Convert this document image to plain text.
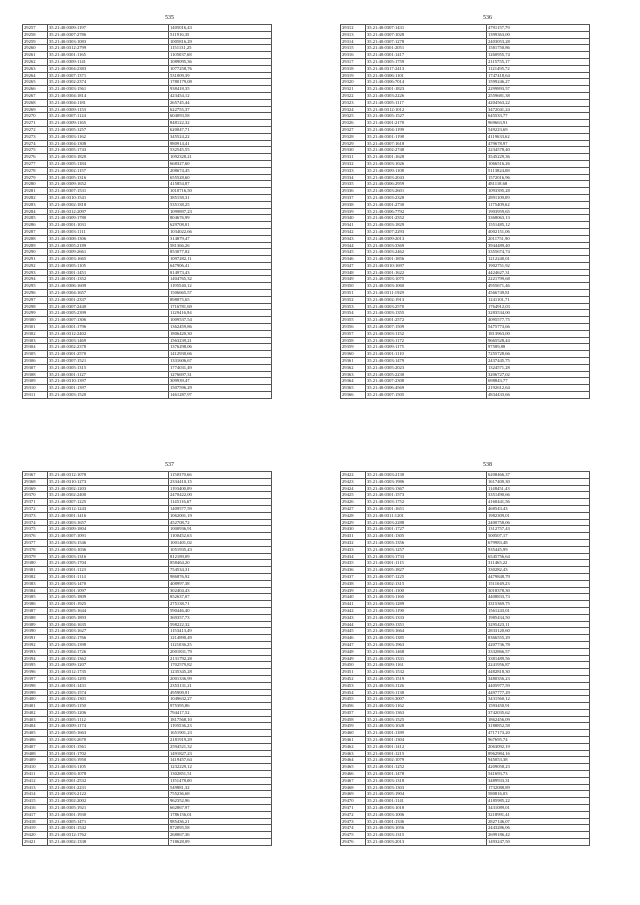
535
29257	35.21:40:0309:1197	1405016,43
29258	35.21:40:0307:2786	511916,35
29259	35.21:40:0303:1083	1005816,29
29260	35.21:40:0312:2799	1151131,25
29261	35.21:40:0301:1165	1105037,68
29262	35.21:40:0309:1141	1089095,36
29263	35.21:40:0304:2383	1077258,76
29264	35.21:40:0307:1371	531009,39
29265	35.21:40:0302:2374	1780179,08
29266	35.21:40:0303:1561	938418,35
29267	35.21:40:0304:1814	423454,12
29268	35.21:40:0304:1181	265745,44
29269	35.21:40:0309:1153	622755,37
29270	35.21:40:0307:1124	604093,58
29271	35.21:40:0309:1165	848122,32
29272	35.21:40:0305:1257	620047,71
29273	35.21:40:0303:1162	345524,22
29274	35.21:40:0304:1308	980914,41
29275	35.21:40:0305:1743	532545,55
29276	35.21:40:0303:1820	1092328,21
29277	35.21:40:0305:1184	668327,60
29278	35.21:40:0302:1157	208674,45
29279	35.21:40:0305:1316	655528,60
29280	35.21:40:0309:1652	415854,87
29281	35.21:40:0307:1531	1010716,50
29282	35.21:40:0310:1541	385158,31
29283	35.21:40:0302:1818	535138,25
29284	35.21:40:0312:2097	1099897,23
29285	35.21:40:0309:1780	804676,99
29286	35.21:40:0301:1031	629708,01
29287	35.21:40:0303:1111	1034022,66
29288	35.21:40:0308:1306	314879,47
29289	35.21:40:0305:2189	581366,26
29290	35.21:40:0309:2661	853077,02
29291	35.21:40:0303:1665	1097282,11
29292	35.21:40:0305:1105	647906,41
29293	35.21:40:0301:1451	814973,43
29294	35.21:40:0301:1352	1404765,32
29295	35.21:40:0306:1609	1195540,12
29296	35.21:40:0304:1657	1506665,57
29297	35.21:40:0301:2337	898875,65
29298	35.21:40:0307:2440	1716781,69
29299	35.21:40:0305:2399	1129416,94
29300	35.21:40:0307:1306	1009537,54
29301	35.21:40:0301:1796	1362459,86
29302	35.21:40:0312:2402	1806420,30
29303	35.21:40:0303:1469	1563239,21
29304	35.21:40:0302:2378	1376298,06
29305	35.21:40:0301:2570	1412930,66
29306	35.21:40:0307:1521	1331606,67
29307	35.21:40:0305:1315	1774031,49
29308	35.21:40:0301:1127	1276697,31
29309	35.21:40:0310:1397	309939,47
29310	35.21:40:0301:1397	1507596,29
29311	35.21:40:0303:1520	1461287,97
536
29312	35.21:40:0307:1431	4791157,79
29313	35.21:40:0307:1028	1399363,00
29314	35.21:40:0307:1278	2403053,28
29315	35.21:40:0301:2051	1581750,86
29316	35.21:40:0301:1417	1260955,74
29317	35.21:40:0305:1759	2115755,17
29318	35.21:40:0317:2413	1121495,72
29319	35.21:40:0306:1101	1747418,64
29320	35.21:40:0306:7014	1599246,27
29321	35.21:40:0301:1823	2299893,57
29322	35.21:40:0303:2226	2559681,38
29323	35.21:40:0305:1117	4204563,22
29324	35.21:40:0312:1012	3472041,24
29325	35.21:40:0305:1527	645533,77
29326	35.21:40:0301:2170	969663,91
29327	35.21:40:0304:1199	549223,69
29328	35.21:40:0301:1198	4119633,62
29329	35.21:40:0307:1618	479678,97
29330	35.21:40:0302:2748	2234578,40
29331	35.21:40:0301:1628	3545229,36
29332	35.21:40:0303:1026	1066516,26
29333	35.21:40:0309:1108	5113824,08
29334	35.21:40:0303:2043	1572016,96
29335	35.21:40:0306:2959	481118,68
29336	35.21:40:0303:2601	1093395,28
29337	35.21:40:0303:2328	2891109,09
29338	35.21:40:0301:2730	1175409,62
29339	35.21:40:0306:7792	1903959,65
29340	35.21:40:0301:2552	3368063,13
29341	35.21:40:0303:1829	1551485,12
29342	35.21:40:0307:2293	4002151,06
29343	35.21:40:0309:2013	2011751,90
29344	35.21:40:0303:3369	3944489,40
29345	35.21:40:0303:2462	3355674,74
29346	35.21:40:0301:1856	1212240,01
29347	35.21:40:0310:1697	1902751,92
29348	35.21:40:0301:1622	4424627,31
29349	35.21:40:0303:1075	2221799,68
29350	35.21:40:0303:1060	4955671,46
29351	35.21:40:0311:1929	4566749,81
29352	35.21:40:0302:1913	1241101,71
29353	35.21:40:0303:2570	1764912,03
29354	35.21:40:0303:1355	3283534,00
29355	35.21:40:0301:2572	4095577,75
29356	35.21:40:0307:1509	5475773,66
29357	35.21:40:0303:1152	1813963,00
29358	35.21:40:0303:1172	9665528,44
29359	35.21:40:0309:1175	97589,88
29360	35.21:40:0301:1110	7255728,66
29361	35.21:40:0303:1479	2437445,75
29362	35.21:40:0305:2023	1324571,28
29363	35.21:40:0305:2230	3206727,02
29364	35.21:40:0307:2308	698843,77
29365	35.21:40:0306:4569	2192612,64
29366	35.21:40:0307:1505	4834433,66
537
29367	35.21:40:0312:1078	1150370,66
29368	35.21:40:0310:1273	2334410,15
29369	35.21:40:0302:1203	1193400,09
29370	35.21:40:0302:2400	2470422,00
29371	35.21:40:0307:1225	1145116,67
29372	35.21:40:0312:1243	1409577,59
29373	35.21:40:0301:1416	1062001,19
29374	35.21:40:0303:1657	452708,72
29375	35.21:40:0309:1804	1000936,91
29376	35.21:40:0307:1091	1100452,63
29377	35.21:40:0303:1546	1001401,02
29378	35.21:40:0303:1036	1051935,43
29379	35.21:40:0303:1316	812189,09
29380	35.21:40:0305:1704	858464,20
29381	35.21:40:0301:1123	754534,31
29382	35.21:40:0301:1114	986876,92
29383	35.21:40:0303:1470	408997,38
29384	35.21:40:0301:1097	302404,43
29385	35.21:40:0305:1809	852637,07
29386	35.21:40:0301:1925	275138,71
29387	35.21:40:0305:1644	590446,40
29388	35.21:40:0305:1893	369357,73
29389	35.21:40:0304:1635	598222,32
29390	35.21:40:0303:1627	1153413,49
29391	35.21:40:0302:1766	1214890,49
29392	35.21:40:0303:1398	1121036,25
29393	35.21:40:0304:1726	2001831,79
29394	35.21:40:0302:1362	2131792,28
29395	35.21:40:0309:1207	1702579,82
29396	35.21:40:0312:1735	1235345,28
29397	35.21:40:0303:1295	2001336,99
29398	35.21:40:0301:1431	2353131,21
29399	35.21:40:0303:1574	495909,91
29400	35.21:40:0302:1301	1049632,27
29401	35.21:40:0305:1150	975395,86
29402	35.21:40:0305:1206	794417,52
29403	35.21:40:0305:1112	1817568,10
29404	35.21:40:0309:1174	1195536,23
29405	35.21:40:0305:1663	1651901,23
29406	35.21:40:0303:2670	2181919,29
29407	35.21:40:0301:1561	2594521,32
29408	35.21:40:0301:1702	1491827,23
29409	35.21:40:0303:1950	1419457,64
29410	35.21:40:0303:1105	1232229,12
29411	35.21:40:0303:1078	1302851,51
29412	35.21:40:0301:2532	1151478,00
29413	35.21:40:0301:2231	549881,32
29414	35.21:40:0303:2122	755236,68
29415	35.21:40:0302:2002	962352,96
29416	35.21:40:0305:1921	662867,97
29417	35.21:40:0301:1930	1786156,01
29418	35.21:40:0305:1471	985436,21
29419	35.21:40:0301:1542	872095,58
29420	35.21:40:0312:1762	268067,36
29421	35.21:40:0302:1338	718628,09
538
29422	35.21:40:0303:2130	6208466,37
29423	35.21:40:0303:1986	1617400,30
29424	35.21:40:0303:1367	1148451,43
29425	35.21:40:0301:1573	3351490,66
29426	35.21:40:0303:1752	4160441,56
29427	35.21:40:0301:1651	468543,43
29428	35.21:40:0311:1201	1982309,01
29429	35.21:40:0303:2288	2400758,06
29430	35.21:40:0301:1727	1312757,43
29431	35.21:40:0301:1305	500507,17
29432	35.21:40:0303:1356	679983,48
29433	35.21:40:0303:1257	935445,99
29434	35.21:40:0303:1733	6545756,64
29435	35.21:40:0301:1115	311465,22
29436	35.21:40:0305:1827	330282,43
29437	35.21:40:0307:1225	4479848,79
29438	35.21:40:0302:1315	1511049,23
29439	35.21:40:0301:1100	3018378,30
29440	35.21:40:0303:1160	4408833,73
29441	35.21:40:0303:1289	3315369,75
29442	35.21:40:0303:1190	1561243,01
29443	35.21:40:0303:1333	1985434,50
29444	35.21:40:0309:1351	3295423,11
29445	35.21:40:0303:1664	2833120,60
29446	35.21:40:0303:1385	8366555,29
29447	35.21:40:0303:1963	4207736,78
29448	35.21:40:0303:1468	3332866,57
29449	35.21:40:0303:1331	3381489,56
29450	35.21:40:0309:1161	2241956,87
29451	35.21:40:0303:1532	4482818,30
29452	35.21:40:0305:1519	3480356,23
29453	35.21:40:0303:1126	4405977,59
29454	35.21:40:0303:1138	4497777,29
29455	35.21:40:0303:3007	3431560,12
29456	35.21:40:0303:1162	1593450,91
29457	35.21:40:0303:1363	3742035,62
29458	35.21:40:0303:1525	1862456,09
29459	35.21:40:0303:1028	3188852,58
29460	35.21:40:0301:1189	4717173,20
29461	35.21:40:0301:1304	967695,74
29462	35.21:40:0301:1412	2063092,19
29463	35.21:40:0301:1215	8962984,16
29464	35.21:40:0302:1079	945053,38
29465	35.21:40:0301:1252	4209058,23
29466	35.21:40:0301:1478	541693,73
29467	35.21:40:0303:1318	3489933,31
29468	35.21:40:0303:1303	1732088,89
29469	35.21:40:0305:1904	580816,03
29470	35.21:40:0301:1141	4185985,22
29471	35.21:40:0303:1018	3431089,01
29472	35.21:40:0303:1006	3218991,41
29473	35.21:40:0301:1336	2827146,07
29474	35.21:40:0303:1056	2443286,06
29475	35.21:40:0303:1315	2699186,42
29476	35.21:40:0303:2013	1493247,50
